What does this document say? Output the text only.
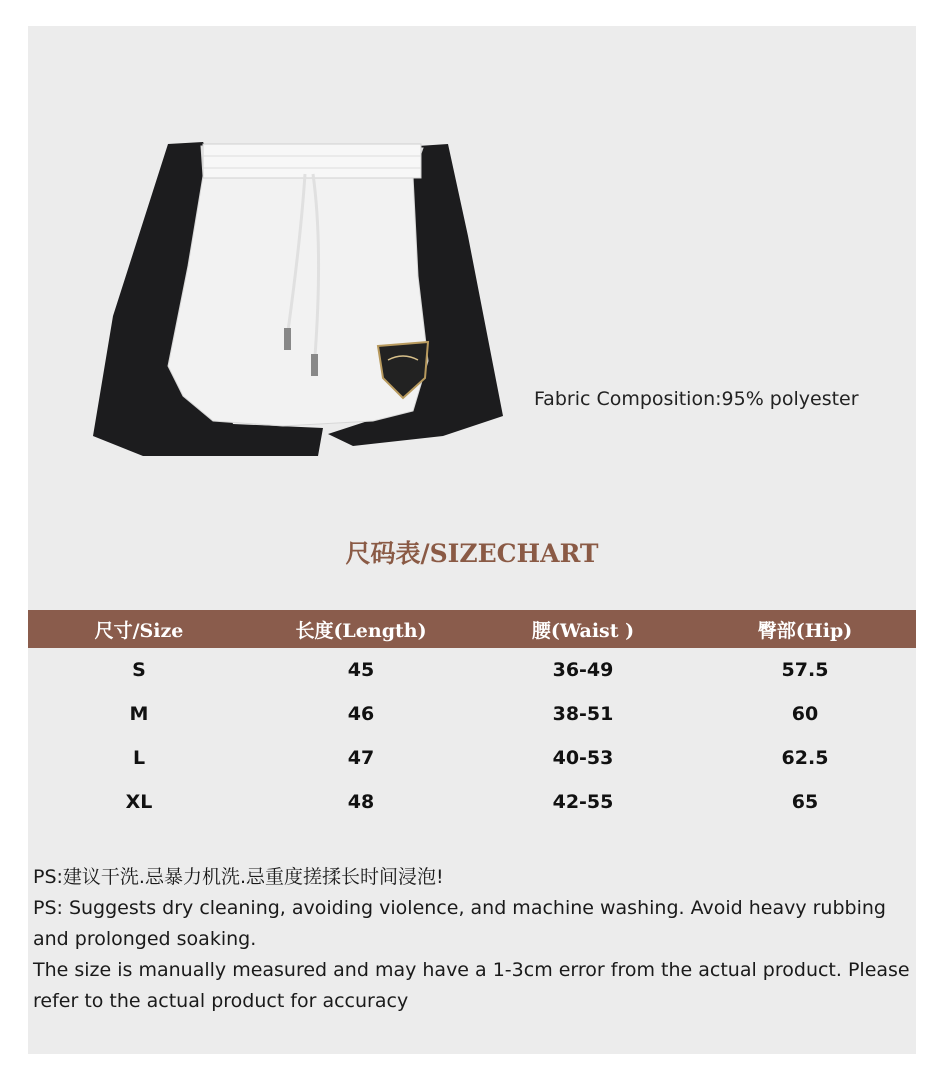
Fabric Composition:95% polyester
尺码表/SIZECHART
尺寸/Size	长度(Length)	腰(Waist )	臀部(Hip)
S	45	36-49	57.5
M	46	38-51	60
L	47	40-53	62.5
XL	48	42-55	65

PS:建议干洗.忌暴力机洗.忌重度搓揉长时间浸泡!

PS: Suggests dry cleaning, avoiding violence, and machine washing. Avoid heavy rubbing and prolonged soaking.

The size is manually measured and may have a 1-3cm error from the actual product. Please refer to the actual product for accuracy
